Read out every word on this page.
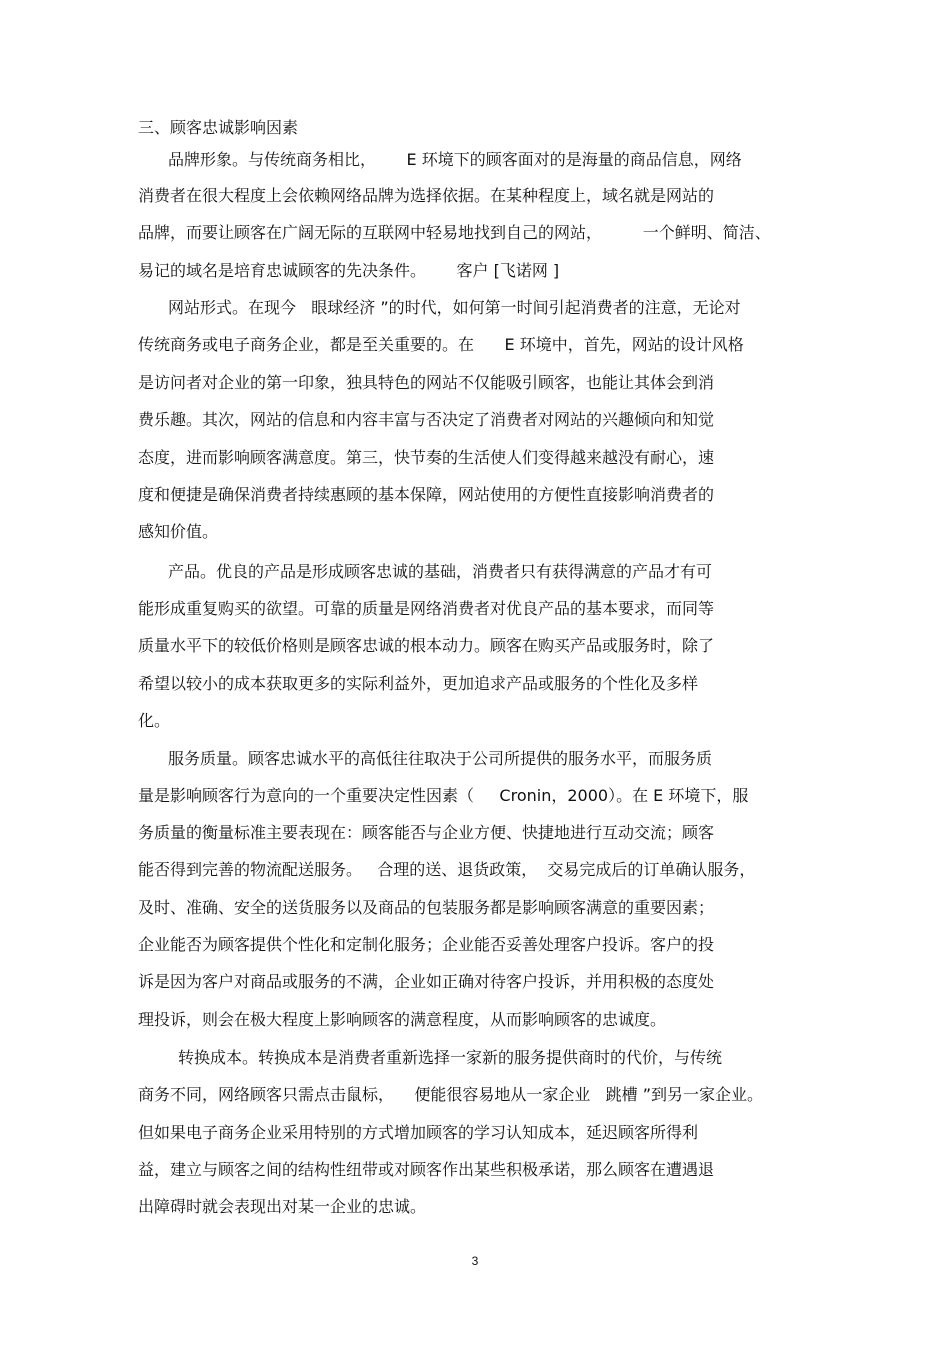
三、顾客忠诚影响因素

品牌形象。与传统商务相比，      E 环境下的顾客面对的是海量的商品信息，网络

消费者在很大程度上会依赖网络品牌为选择依据。在某种程度上，域名就是网站的

品牌，而要让顾客在广阔无际的互联网中轻易地找到自己的网站，        一个鲜明、简洁、

易记的域名是培育忠诚顾客的先决条件。      客户 [飞诺网 ]

网站形式。在现今   眼球经济 ”的时代，如何第一时间引起消费者的注意，无论对

传统商务或电子商务企业，都是至关重要的。在      E 环境中，首先，网站的设计风格

是访问者对企业的第一印象，独具特色的网站不仅能吸引顾客，也能让其体会到消

费乐趣。其次，网站的信息和内容丰富与否决定了消费者对网站的兴趣倾向和知觉

态度，进而影响顾客满意度。第三，快节奏的生活使人们变得越来越没有耐心，速

度和便捷是确保消费者持续惠顾的基本保障，网站使用的方便性直接影响消费者的

感知价值。

产品。优良的产品是形成顾客忠诚的基础，消费者只有获得满意的产品才有可

能形成重复购买的欲望。可靠的质量是网络消费者对优良产品的基本要求，而同等

质量水平下的较低价格则是顾客忠诚的根本动力。顾客在购买产品或服务时，除了

希望以较小的成本获取更多的实际利益外，更加追求产品或服务的个性化及多样

化。

服务质量。顾客忠诚水平的高低往往取决于公司所提供的服务水平，而服务质

量是影响顾客行为意向的一个重要决定性因素（     Cronin，2000）。在 E 环境下，服

务质量的衡量标准主要表现在：顾客能否与企业方便、快捷地进行互动交流；顾客

能否得到完善的物流配送服务。   合理的送、退货政策，  交易完成后的订单确认服务，

及时、准确、安全的送货服务以及商品的包装服务都是影响顾客满意的重要因素；

企业能否为顾客提供个性化和定制化服务；企业能否妥善处理客户投诉。客户的投

诉是因为客户对商品或服务的不满，企业如正确对待客户投诉，并用积极的态度处

理投诉，则会在极大程度上影响顾客的满意程度，从而影响顾客的忠诚度。

转换成本。转换成本是消费者重新选择一家新的服务提供商时的代价，与传统

商务不同，网络顾客只需点击鼠标，    便能很容易地从一家企业   跳槽 ”到另一家企业。

但如果电子商务企业采用特别的方式增加顾客的学习认知成本，延迟顾客所得利

益，建立与顾客之间的结构性纽带或对顾客作出某些积极承诺，那么顾客在遭遇退

出障碍时就会表现出对某一企业的忠诚。

3
